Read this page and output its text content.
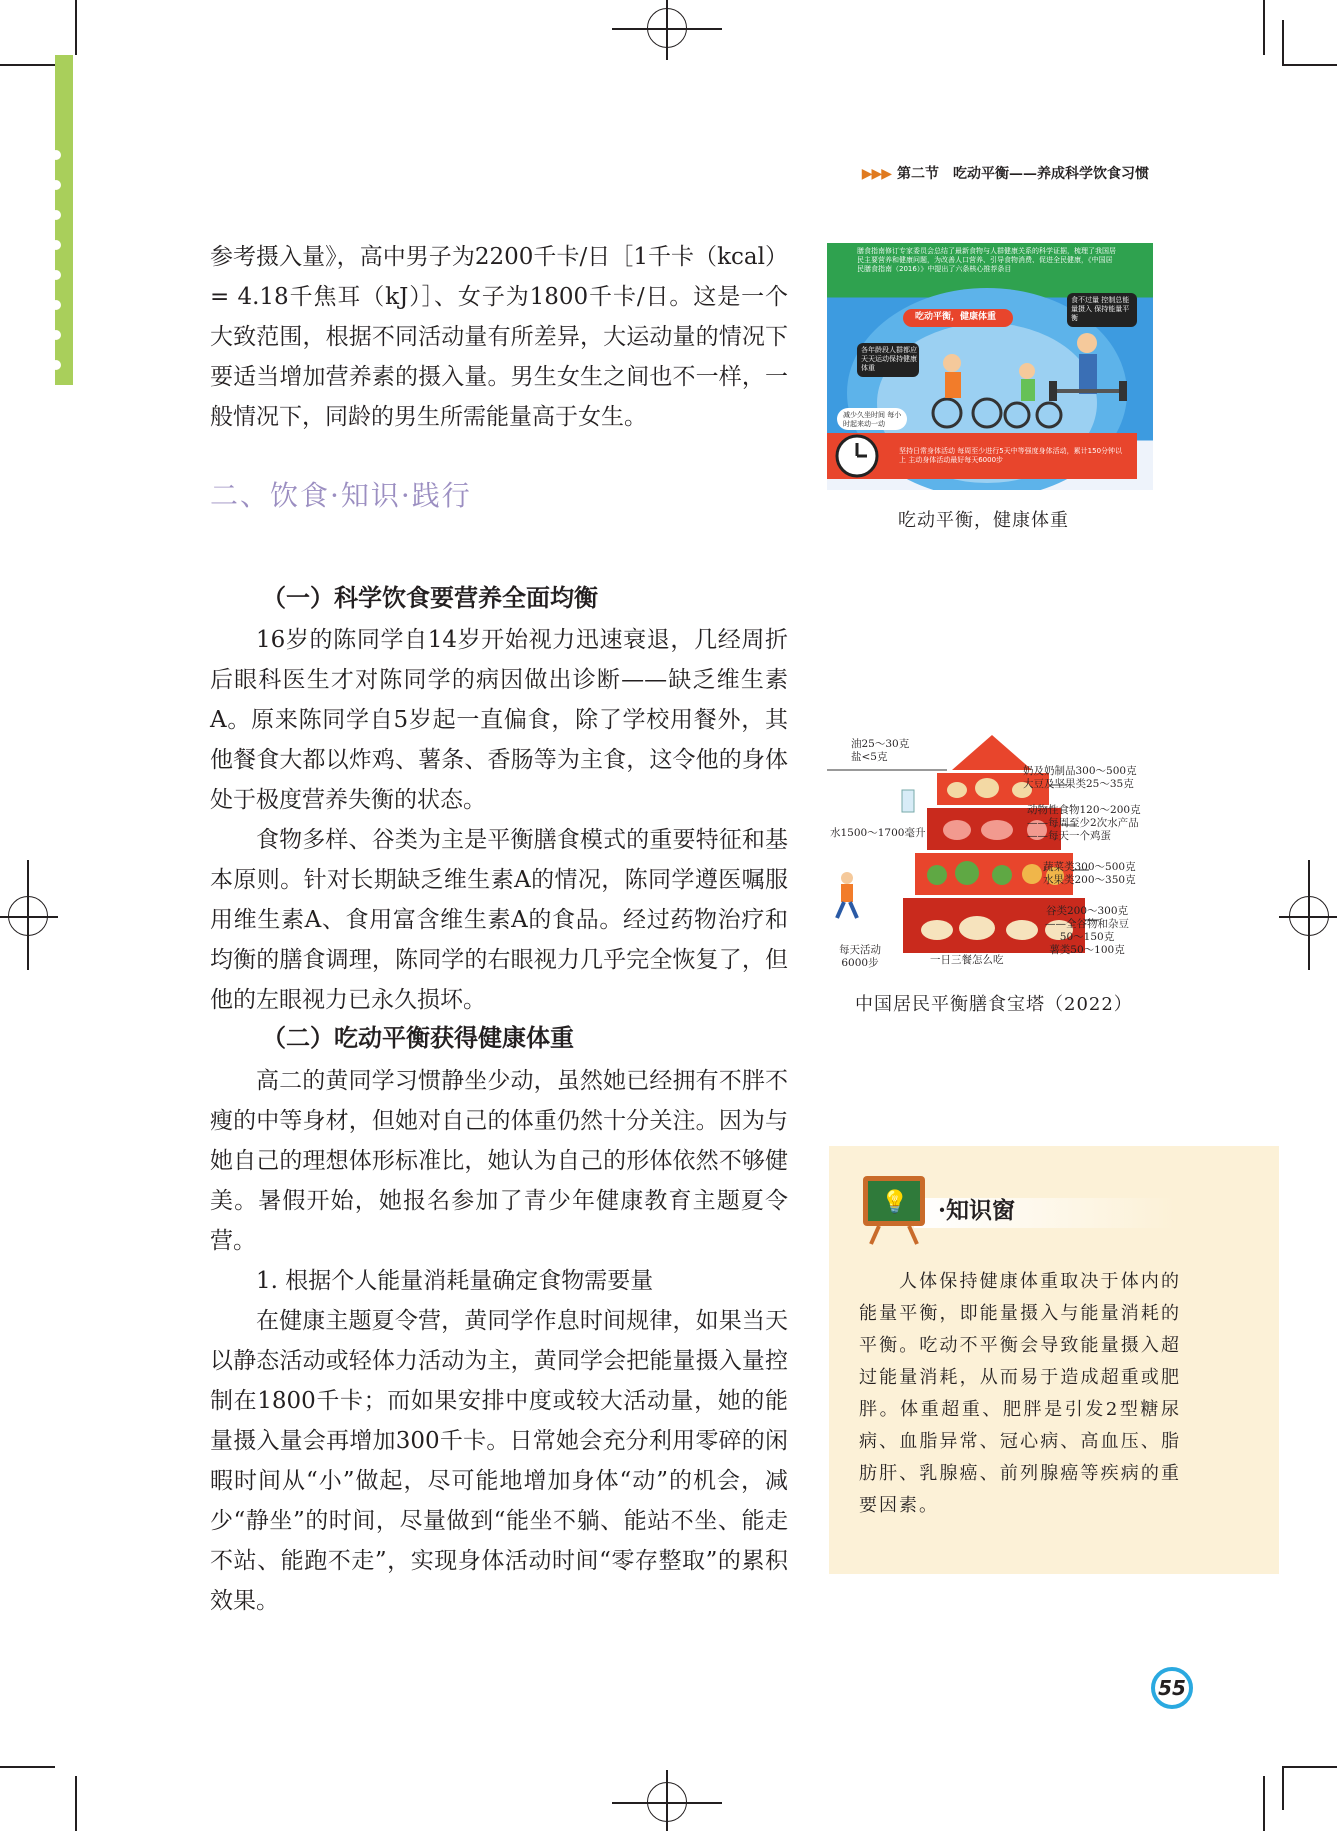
▶▶▶ 第二节　吃动平衡——养成科学饮食习惯
参考摄入量》，高中男子为2200千卡/日［1千卡（kcal）= 4.18千焦耳（kJ）］、女子为1800千卡/日。这是一个大致范围，根据不同活动量有所差异，大运动量的情况下要适当增加营养素的摄入量。男生女生之间也不一样，一般情况下，同龄的男生所需能量高于女生。
二、饮食·知识·践行
（一）科学饮食要营养全面均衡
16岁的陈同学自14岁开始视力迅速衰退，几经周折后眼科医生才对陈同学的病因做出诊断——缺乏维生素A。原来陈同学自5岁起一直偏食，除了学校用餐外，其他餐食大都以炸鸡、薯条、香肠等为主食，这令他的身体处于极度营养失衡的状态。
食物多样、谷类为主是平衡膳食模式的重要特征和基本原则。针对长期缺乏维生素A的情况，陈同学遵医嘱服用维生素A、食用富含维生素A的食品。经过药物治疗和均衡的膳食调理，陈同学的右眼视力几乎完全恢复了，但他的左眼视力已永久损坏。
（二）吃动平衡获得健康体重
高二的黄同学习惯静坐少动，虽然她已经拥有不胖不瘦的中等身材，但她对自己的体重仍然十分关注。因为与她自己的理想体形标准比，她认为自己的形体依然不够健美。暑假开始，她报名参加了青少年健康教育主题夏令营。
1. 根据个人能量消耗量确定食物需要量
在健康主题夏令营，黄同学作息时间规律，如果当天以静态活动或轻体力活动为主，黄同学会把能量摄入量控制在1800千卡；而如果安排中度或较大活动量，她的能量摄入量会再增加300千卡。日常她会充分利用零碎的闲暇时间从“小”做起，尽可能地增加身体“动”的机会，减少“静坐”的时间，尽量做到“能坐不躺、能站不坐、能走不站、能跑不走”，实现身体活动时间“零存整取”的累积效果。
膳食指南修订专家委员会总结了最新食物与人群健康关系的科学证据，梳理了我国居民主要营养和健康问题，为改善人口营养、引导食物消费、促进全民健康，《中国居民膳食指南（2016）》中提出了六条核心推荐条目
吃动平衡，健康体重
食不过量 控制总能量摄入 保持能量平衡
各年龄段人群都应天天运动保持健康体重
减少久坐时间 每小时起来动一动
坚持日常身体活动 每周至少进行5天中等强度身体活动，累计150分钟以上 主动身体活动最好每天6000步
吃动平衡，健康体重
油25～30克
盐<5克
奶及奶制品300～500克
大豆及坚果类25～35克
动物性食物120～200克
——每周至少2次水产品
——每天一个鸡蛋
水1500～1700毫升
蔬菜类300～500克
水果类200～350克
谷类200～300克
——全谷物和杂豆
50～150克
薯类50～100克
每天活动
6000步	一日三餐怎么吃
中国居民平衡膳食宝塔（2022）
💡 ·知识窗
人体保持健康体重取决于体内的能量平衡，即能量摄入与能量消耗的平衡。吃动不平衡会导致能量摄入超过能量消耗，从而易于造成超重或肥胖。体重超重、肥胖是引发2型糖尿病、血脂异常、冠心病、高血压、脂肪肝、乳腺癌、前列腺癌等疾病的重要因素。
55
